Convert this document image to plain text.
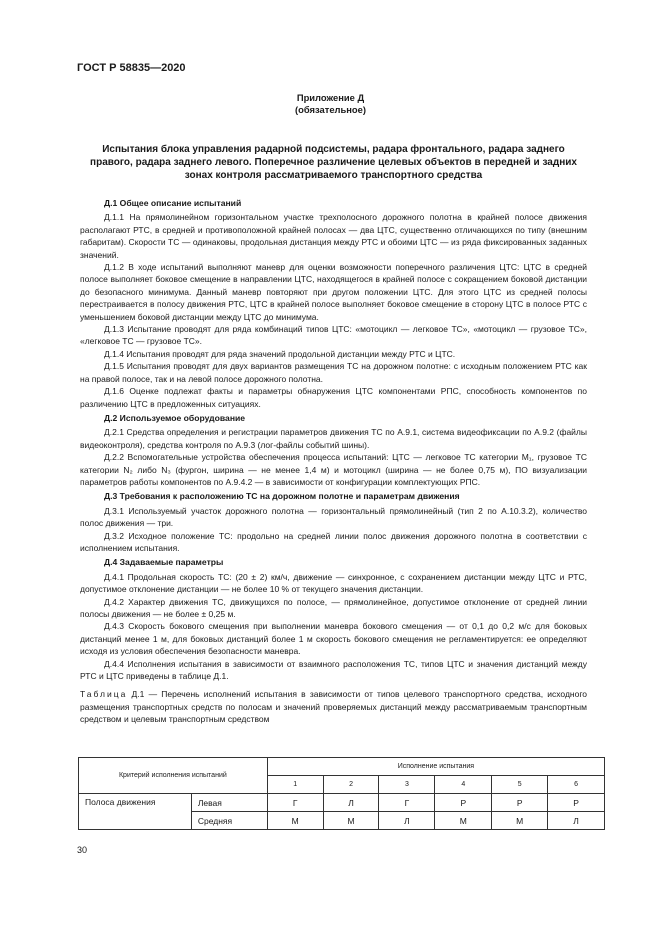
ГОСТ Р 58835—2020
Приложение Д
(обязательное)
Испытания блока управления радарной подсистемы, радара фронтального, радара заднего правого, радара заднего левого. Поперечное различение целевых объектов в передней и задних зонах контроля рассматриваемого транспортного средства
Д.1 Общее описание испытаний

Д.1.1 На прямолинейном горизонтальном участке трехполосного дорожного полотна в крайней полосе движения располагают РТС, в средней и противоположной крайней полосах — два ЦТС, существенно отличающихся по типу (внешним габаритам). Скорости ТС — одинаковы, продольная дистанция между РТС и обоими ЦТС — из ряда фиксированных заданных значений.

Д.1.2 В ходе испытаний выполняют маневр для оценки возможности поперечного различения ЦТС: ЦТС в средней полосе выполняет боковое смещение в направлении ЦТС, находящегося в крайней полосе с сокращением боковой дистанции до безопасного минимума. Данный маневр повторяют при другом положении ЦТС. Для этого ЦТС из средней полосы перестраивается в полосу движения РТС, ЦТС в крайней полосе выполняет боковое смещение в сторону ЦТС в полосе РТС с уменьшением боковой дистанции между ЦТС до минимума.

Д.1.3 Испытание проводят для ряда комбинаций типов ЦТС: «мотоцикл — легковое ТС», «мотоцикл — грузовое ТС», «легковое ТС — грузовое ТС».

Д.1.4 Испытания проводят для ряда значений продольной дистанции между РТС и ЦТС.

Д.1.5 Испытания проводят для двух вариантов размещения ТС на дорожном полотне: с исходным положением РТС как на правой полосе, так и на левой полосе дорожного полотна.

Д.1.6 Оценке подлежат факты и параметры обнаружения ЦТС компонентами РПС, способность компонентов по различению ЦТС в предложенных ситуациях.

Д.2 Используемое оборудование

Д.2.1 Средства определения и регистрации параметров движения ТС по А.9.1, система видеофиксации по А.9.2 (файлы видеоконтроля), средства контроля по А.9.3 (лог-файлы событий шины).

Д.2.2 Вспомогательные устройства обеспечения процесса испытаний: ЦТС — легковое ТС категории M₁, грузовое ТС категории N₂ либо N₃ (фургон, ширина — не менее 1,4 м) и мотоцикл (ширина — не более 0,75 м), ПО визуализации параметров работы компонентов по А.9.4.2 — в зависимости от конфигурации комплектующих РПС.

Д.3 Требования к расположению ТС на дорожном полотне и параметрам движения

Д.3.1 Используемый участок дорожного полотна — горизонтальный прямолинейный (тип 2 по А.10.3.2), количество полос движения — три.

Д.3.2 Исходное положение ТС: продольно на средней линии полос движения дорожного полотна в соответствии с исполнением испытания.

Д.4 Задаваемые параметры

Д.4.1 Продольная скорость ТС: (20 ± 2) км/ч, движение — синхронное, с сохранением дистанции между ЦТС и РТС, допустимое отклонение дистанции — не более 10 % от текущего значения дистанции.

Д.4.2 Характер движения ТС, движущихся по полосе, — прямолинейное, допустимое отклонение от средней линии полосы движения — не более ± 0,25 м.

Д.4.3 Скорость бокового смещения при выполнении маневра бокового смещения — от 0,1 до 0,2 м/с для боковых дистанций менее 1 м, для боковых дистанций более 1 м скорость бокового смещения не регламентируется: ее определяют исходя из условия обеспечения безопасности маневра.

Д.4.4 Исполнения испытания в зависимости от взаимного расположения ТС, типов ЦТС и значения дистанций между РТС и ЦТС приведены в таблице Д.1.

Таблица Д.1 — Перечень исполнений испытания в зависимости от типов целевого транспортного средства, исходного размещения транспортных средств по полосам и значений проверяемых дистанций между рассматриваемым транспортным средством и целевым транспортным средством

Критерий исполнения испытаний		Исполнение испытания					
		1	2	3	4	5	6
Полоса движения	Левая	Г	Л	Г	Р	Р	Р
	Средняя	М	М	Л	М	М	Л
30
